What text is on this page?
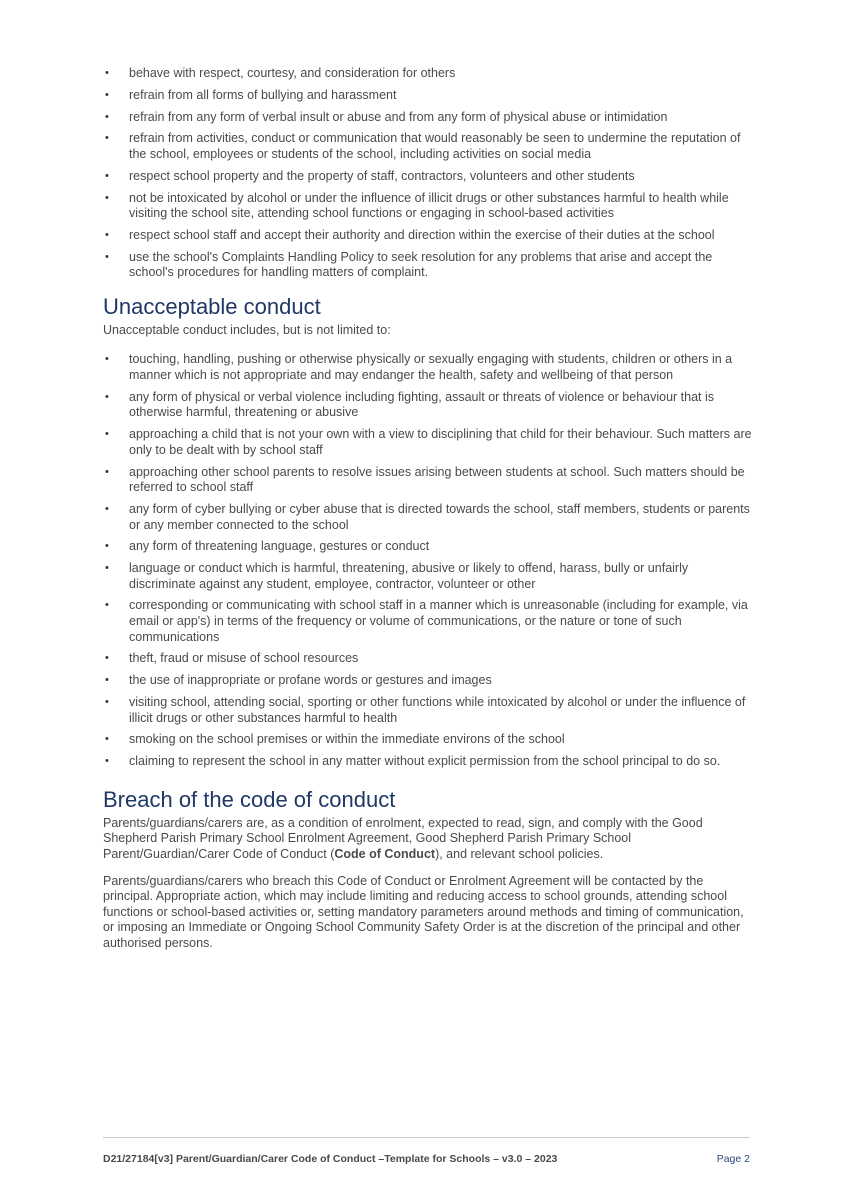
• behave with respect, courtesy, and consideration for others
• refrain from all forms of bullying and harassment
• refrain from any form of verbal insult or abuse and from any form of physical abuse or intimidation
• refrain from activities, conduct or communication that would reasonably be seen to undermine the reputation of the school, employees or students of the school, including activities on social media
• respect school property and the property of staff, contractors, volunteers and other students
• not be intoxicated by alcohol or under the influence of illicit drugs or other substances harmful to health while visiting the school site, attending school functions or engaging in school-based activities
• respect school staff and accept their authority and direction within the exercise of their duties at the school
• use the school's Complaints Handling Policy to seek resolution for any problems that arise and accept the school's procedures for handling matters of complaint.
Unacceptable conduct
Unacceptable conduct includes, but is not limited to:
• touching, handling, pushing or otherwise physically or sexually engaging with students, children or others in a manner which is not appropriate and may endanger the health, safety and wellbeing of that person
• any form of physical or verbal violence including fighting, assault or threats of violence or behaviour that is otherwise harmful, threatening or abusive
• approaching a child that is not your own with a view to disciplining that child for their behaviour. Such matters are only to be dealt with by school staff
• approaching other school parents to resolve issues arising between students at school. Such matters should be referred to school staff
• any form of cyber bullying or cyber abuse that is directed towards the school, staff members, students or parents or any member connected to the school
• any form of threatening language, gestures or conduct
• language or conduct which is harmful, threatening, abusive or likely to offend, harass, bully or unfairly discriminate against any student, employee, contractor, volunteer or other
• corresponding or communicating with school staff in a manner which is unreasonable (including for example, via email or app's) in terms of the frequency or volume of communications, or the nature or tone of such communications
• theft, fraud or misuse of school resources
• the use of inappropriate or profane words or gestures and images
• visiting school, attending social, sporting or other functions while intoxicated by alcohol or under the influence of illicit drugs or other substances harmful to health
• smoking on the school premises or within the immediate environs of the school
• claiming to represent the school in any matter without explicit permission from the school principal to do so.
Breach of the code of conduct

Parents/guardians/carers are, as a condition of enrolment, expected to read, sign, and comply with the Good Shepherd Parish Primary School Enrolment Agreement, Good Shepherd Parish Primary School Parent/Guardian/Carer Code of Conduct (Code of Conduct), and relevant school policies.

Parents/guardians/carers who breach this Code of Conduct or Enrolment Agreement will be contacted by the principal. Appropriate action, which may include limiting and reducing access to school grounds, attending school functions or school-based activities or, setting mandatory parameters around methods and timing of communication, or imposing an Immediate or Ongoing School Community Safety Order is at the discretion of the principal and other authorised persons.

D21/27184[v3] Parent/Guardian/Carer Code of Conduct –Template for Schools – v3.0 – 2023	Page 2
